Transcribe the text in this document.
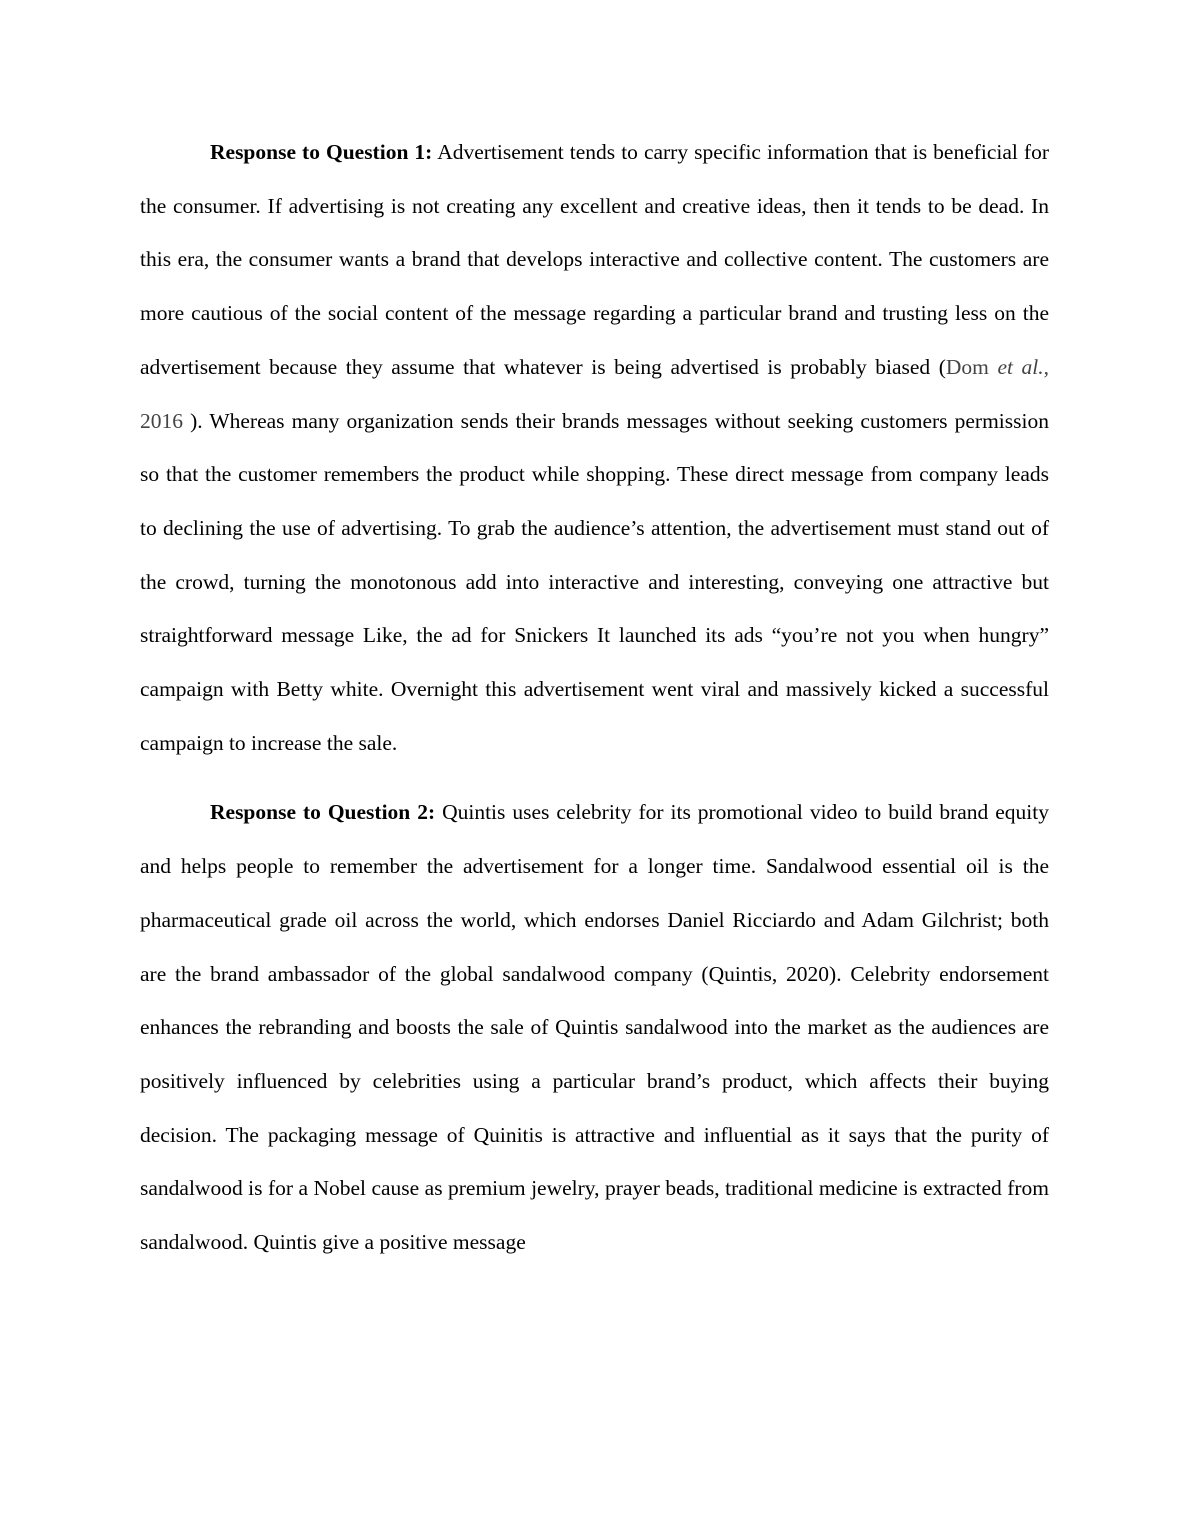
Response to Question 1: Advertisement tends to carry specific information that is beneficial for the consumer. If advertising is not creating any excellent and creative ideas, then it tends to be dead. In this era, the consumer wants a brand that develops interactive and collective content. The customers are more cautious of the social content of the message regarding a particular brand and trusting less on the advertisement because they assume that whatever is being advertised is probably biased (Dom et al., 2016 ). Whereas many organization sends their brands messages without seeking customers permission so that the customer remembers the product while shopping. These direct message from company leads to declining the use of advertising. To grab the audience’s attention, the advertisement must stand out of the crowd, turning the monotonous add into interactive and interesting, conveying one attractive but straightforward message Like, the ad for Snickers It launched its ads “you’re not you when hungry” campaign with Betty white. Overnight this advertisement went viral and massively kicked a successful campaign to increase the sale.

Response to Question 2: Quintis uses celebrity for its promotional video to build brand equity and helps people to remember the advertisement for a longer time. Sandalwood essential oil is the pharmaceutical grade oil across the world, which endorses Daniel Ricciardo and Adam Gilchrist; both are the brand ambassador of the global sandalwood company (Quintis, 2020). Celebrity endorsement enhances the rebranding and boosts the sale of Quintis sandalwood into the market as the audiences are positively influenced by celebrities using a particular brand’s product, which affects their buying decision. The packaging message of Quinitis is attractive and influential as it says that the purity of sandalwood is for a Nobel cause as premium jewelry, prayer beads, traditional medicine is extracted from sandalwood. Quintis give a positive message
